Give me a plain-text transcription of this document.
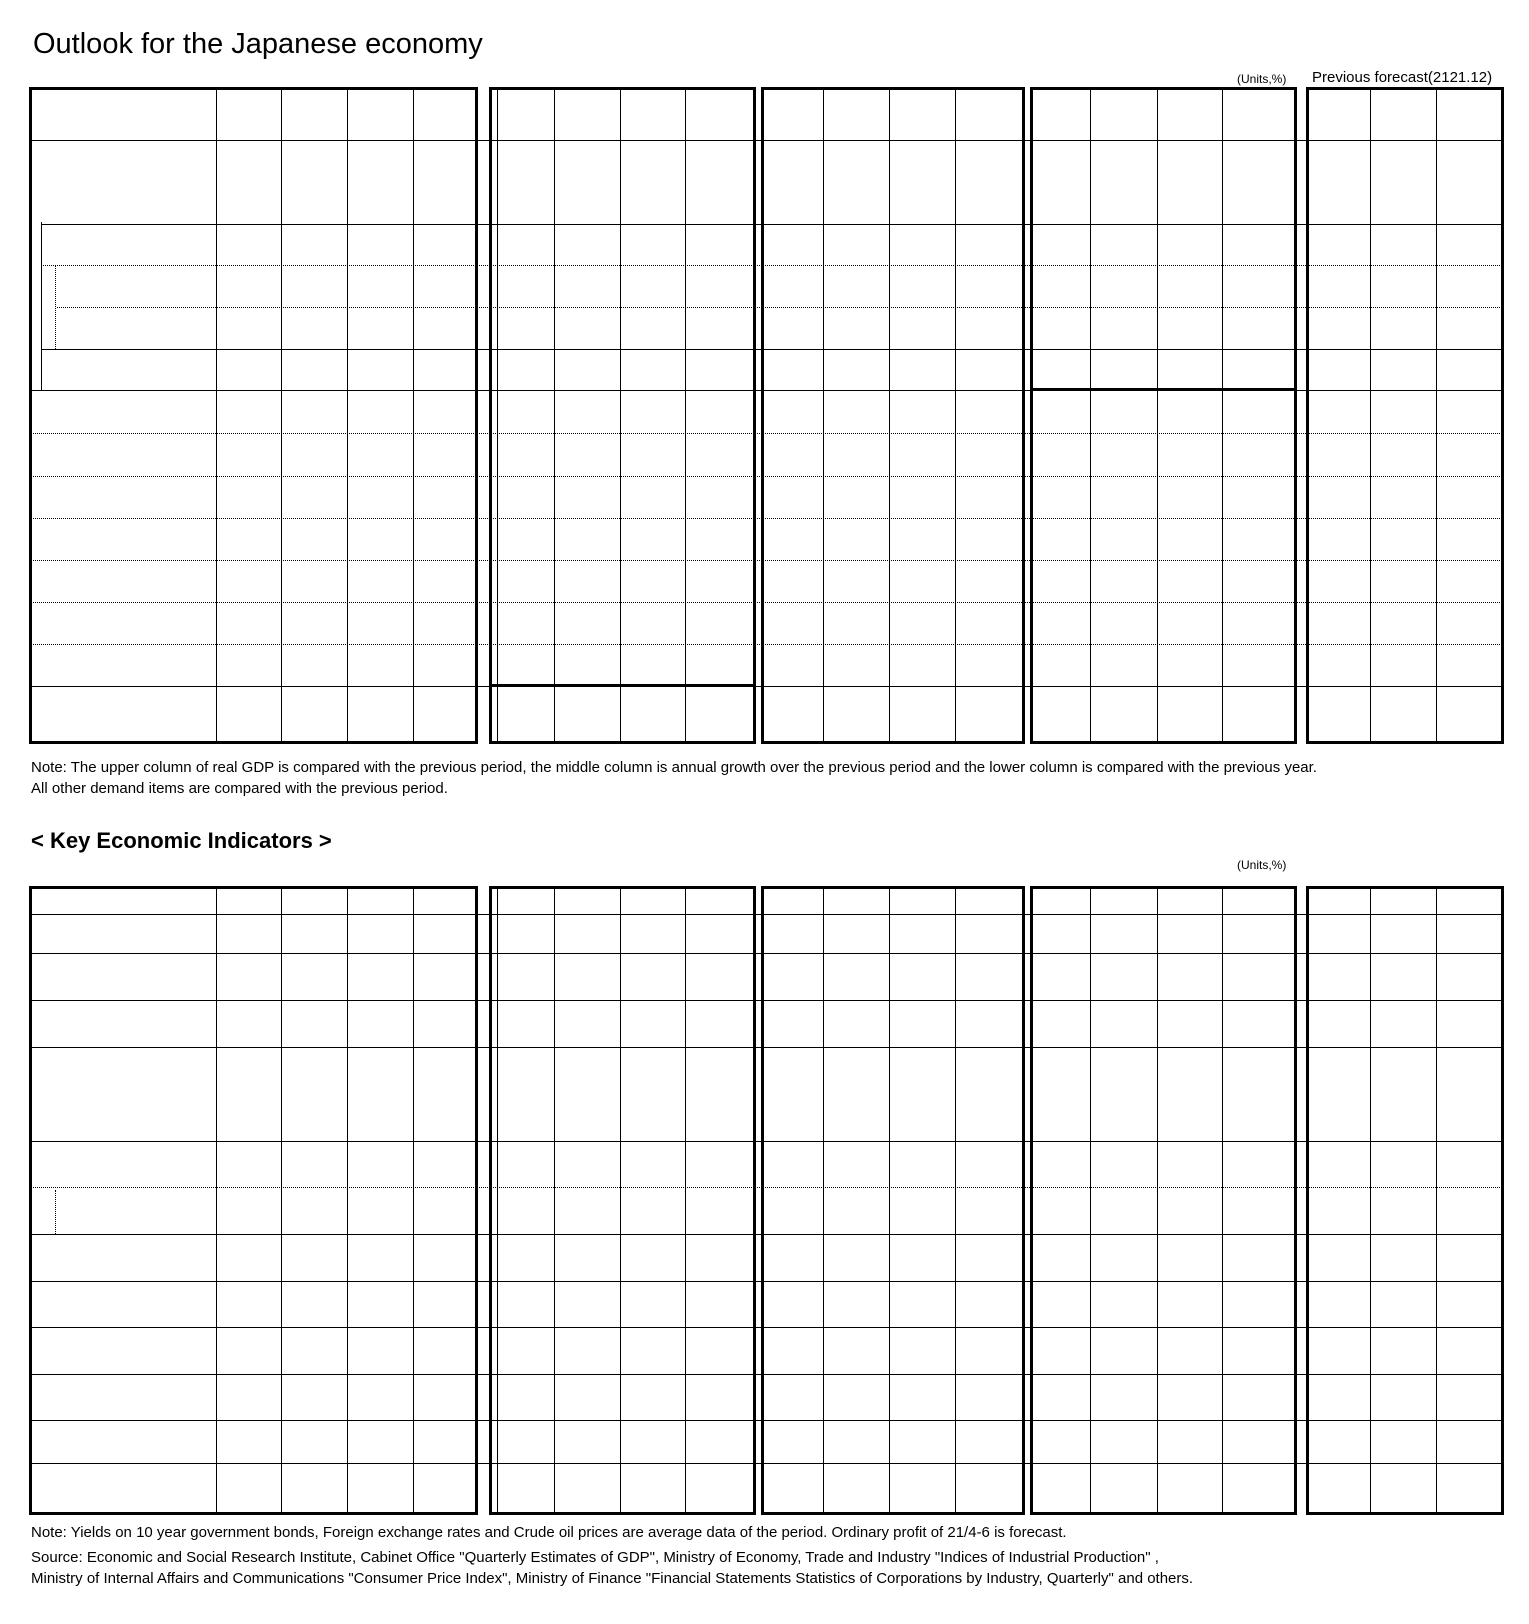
Outlook for the Japanese economy
(Units,%) Previous forecast(2121.12)
Note: The upper column of real GDP is compared with the previous period, the middle column is annual growth over the previous period and the lower column is compared with the previous year. All other demand items are compared with the previous period.
< Key Economic Indicators >
(Units,%)
Note: Yields on 10 year government bonds, Foreign exchange rates and Crude oil prices are average data of the period. Ordinary profit of 21/4-6 is forecast.
Source: Economic and Social Research Institute, Cabinet Office "Quarterly Estimates of GDP", Ministry of Economy, Trade and Industry "Indices of Industrial Production" ,
Ministry of Internal Affairs and Communications "Consumer Price Index", Ministry of Finance "Financial Statements Statistics of Corporations by Industry, Quarterly" and others.
